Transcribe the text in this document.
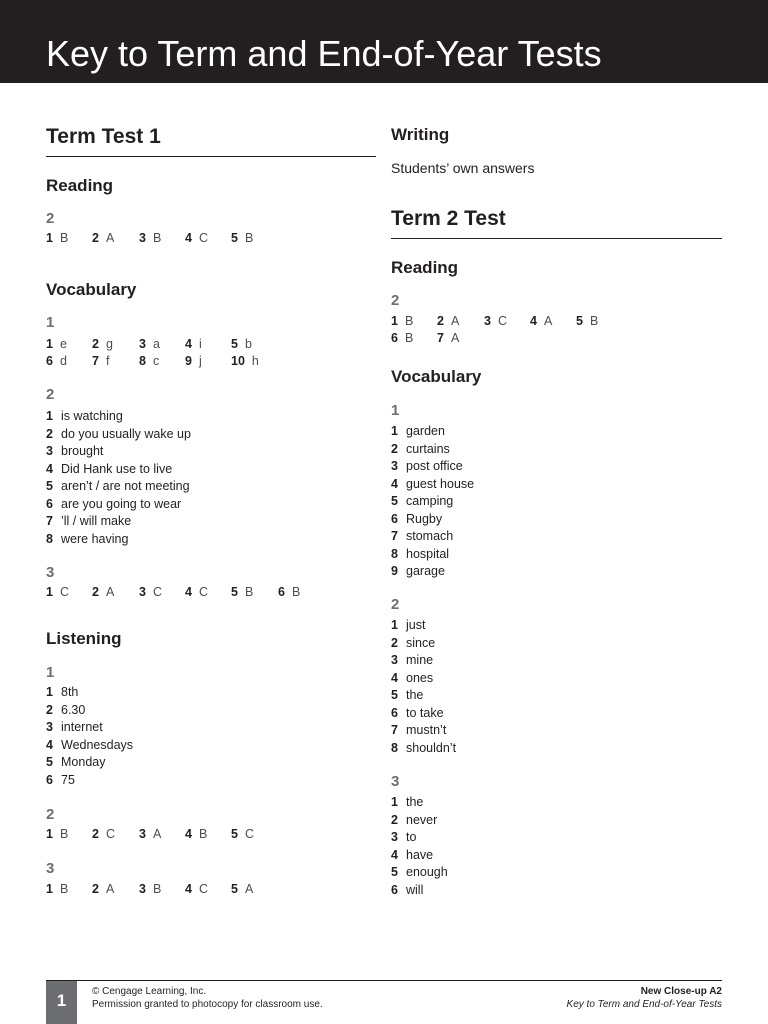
Key to Term and End-of-Year Tests
Term Test 1
Reading
2
1 B 2 A 3 B 4 C 5 B
Vocabulary
1
1 e 2 g 3 a 4 i 5 b
6 d 7 f 8 c 9 j 10 h
2
1 is watching
2 do you usually wake up
3 brought
4 Did Hank use to live
5 aren’t / are not meeting
6 are you going to wear
7 ’ll / will make
8 were having
3
1 C 2 A 3 C 4 C 5 B 6 B
Listening
1
1 8th
2 6.30
3 internet
4 Wednesdays
5 Monday
6 75
2
1 B 2 C 3 A 4 B 5 C
3
1 B 2 A 3 B 4 C 5 A
Writing
Students’ own answers
Term 2 Test
Reading
2
1 B 2 A 3 C 4 A 5 B
6 B 7 A
Vocabulary
1
1 garden
2 curtains
3 post office
4 guest house
5 camping
6 Rugby
7 stomach
8 hospital
9 garage
2
1 just
2 since
3 mine
4 ones
5 the
6 to take
7 mustn’t
8 shouldn’t
3
1 the
2 never
3 to
4 have
5 enough
6 will
1	© Cengage Learning, Inc.
Permission granted to photocopy for classroom use.
New Close-up A2
Key to Term and End-of-Year Tests
